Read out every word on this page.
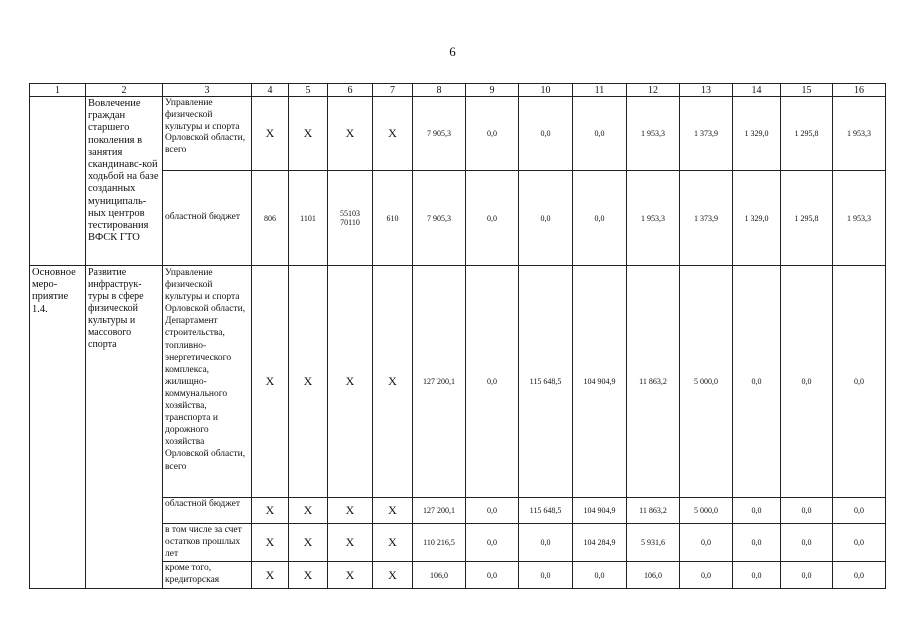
6
1	2	3	4	5	6	7	8	9	10	11	12	13	14	15	16
	Вовлечение граждан старшего поколения в занятия скандинавс-кой ходьбой на базе созданных муниципаль-ных центров тестирования ВФСК ГТО	Управление физической культуры и спорта Орловской области, всего	Х	Х	Х	Х	7 905,3	0,0	0,0	0,0	1 953,3	1 373,9	1 329,0	1 295,8	1 953,3
		областной бюджет	806	1101	55103 70110	610	7 905,3	0,0	0,0	0,0	1 953,3	1 373,9	1 329,0	1 295,8	1 953,3
Основное меро-приятие 1.4.	Развитие инфраструк-туры в сфере физической культуры и массового спорта	Управление физической культуры и спорта Орловской области, Департамент строительства, топливно-энергетического комплекса, жилищно-коммунального хозяйства, транспорта и дорожного хозяйства Орловской области, всего	Х	Х	Х	Х	127 200,1	0,0	115 648,5	104 904,9	11 863,2	5 000,0	0,0	0,0	0,0
		областной бюджет	Х	Х	Х	Х	127 200,1	0,0	115 648,5	104 904,9	11 863,2	5 000,0	0,0	0,0	0,0
		в том числе за счет остатков прошлых лет	Х	Х	Х	Х	110 216,5	0,0	0,0	104 284,9	5 931,6	0,0	0,0	0,0	0,0
		кроме того, кредиторская	Х	Х	Х	Х	106,0	0,0	0,0	0,0	106,0	0,0	0,0	0,0	0,0
